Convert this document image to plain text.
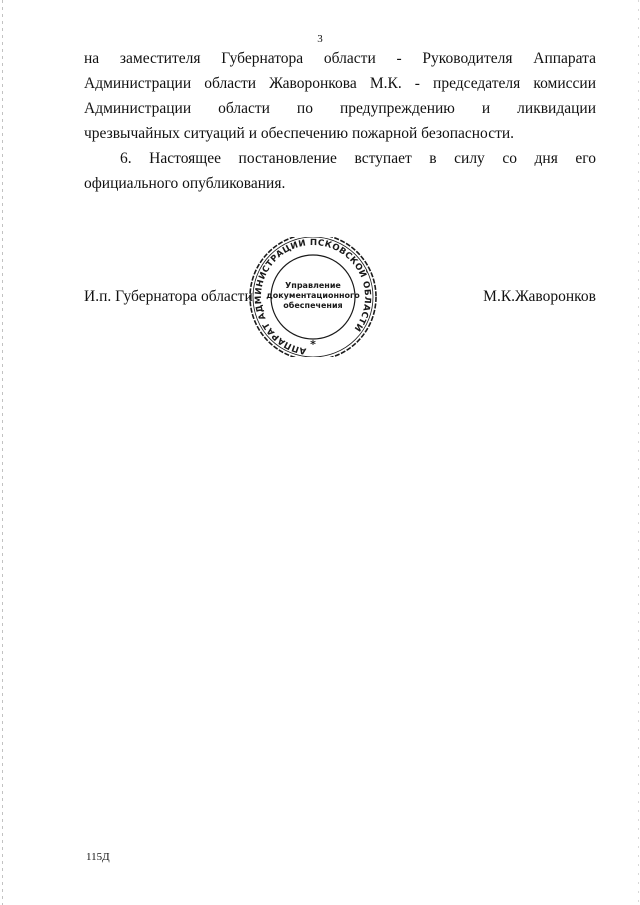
3
на заместителя Губернатора области - Руководителя Аппарата
Администрации области Жаворонкова М.К. - председателя комиссии
Администрации области по предупреждению и ликвидации
чрезвычайных ситуаций и обеспечению пожарной безопасности.
6. Настоящее постановление вступает в силу со дня его
официального опубликования.
И.п. Губернатора области	М.К.Жаворонков
АППАРАТ АДМИНИСТРАЦИИ ПСКОВСКОЙ ОБЛАСТИ
Управление
документационного
обеспечения
*
115Д
